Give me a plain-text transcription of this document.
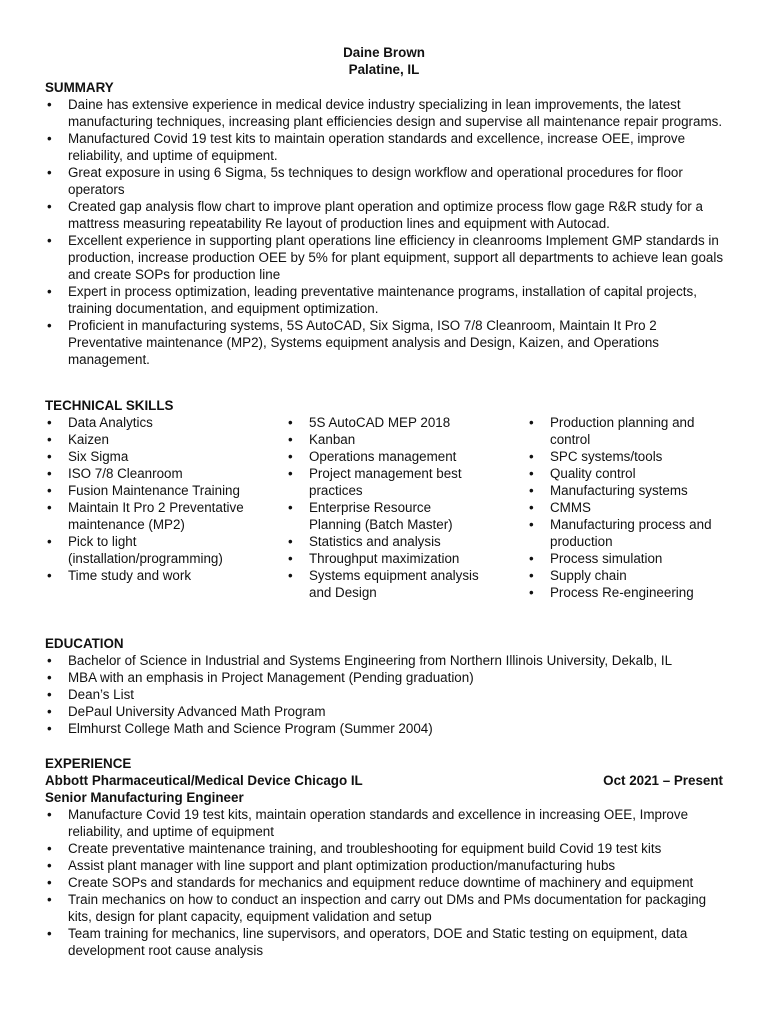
Daine Brown
Palatine, IL
SUMMARY
• Daine has extensive experience in medical device industry specializing in lean improvements, the latest manufacturing techniques, increasing plant efficiencies design and supervise all maintenance repair programs.
• Manufactured Covid 19 test kits to maintain operation standards and excellence, increase OEE, improve reliability, and uptime of equipment.
• Great exposure in using 6 Sigma, 5s techniques to design workflow and operational procedures for floor operators
• Created gap analysis flow chart to improve plant operation and optimize process flow gage R&R study for a mattress measuring repeatability Re layout of production lines and equipment with Autocad.
• Excellent experience in supporting plant operations line efficiency in cleanrooms Implement GMP standards in production, increase production OEE by 5% for plant equipment, support all departments to achieve lean goals and create SOPs for production line
• Expert in process optimization, leading preventative maintenance programs, installation of capital projects, training documentation, and equipment optimization.
• Proficient in manufacturing systems, 5S AutoCAD, Six Sigma, ISO 7/8 Cleanroom, Maintain It Pro 2 Preventative maintenance (MP2), Systems equipment analysis and Design, Kaizen, and Operations management.
TECHNICAL SKILLS
• Data Analytics
• Kaizen
• Six Sigma
• ISO 7/8 Cleanroom
• Fusion Maintenance Training
• Maintain It Pro 2 Preventative maintenance (MP2)
• Pick to light (installation/programming)
• Time study and work
• 5S AutoCAD MEP 2018
• Kanban
• Operations management
• Project management best practices
• Enterprise Resource Planning (Batch Master)
• Statistics and analysis
• Throughput maximization
• Systems equipment analysis and Design
• Production planning and control
• SPC systems/tools
• Quality control
• Manufacturing systems
• CMMS
• Manufacturing process and production
• Process simulation
• Supply chain
• Process Re-engineering
EDUCATION
• Bachelor of Science in Industrial and Systems Engineering from Northern Illinois University, Dekalb, IL
• MBA with an emphasis in Project Management (Pending graduation)
• Dean’s List
• DePaul University Advanced Math Program
• Elmhurst College Math and Science Program (Summer 2004)
EXPERIENCE
Abbott Pharmaceutical/Medical Device Chicago IL	Oct 2021 – Present
Senior Manufacturing Engineer
• Manufacture Covid 19 test kits, maintain operation standards and excellence in increasing OEE, Improve reliability, and uptime of equipment
• Create preventative maintenance training, and troubleshooting for equipment build Covid 19 test kits
• Assist plant manager with line support and plant optimization production/manufacturing hubs
• Create SOPs and standards for mechanics and equipment reduce downtime of machinery and equipment
• Train mechanics on how to conduct an inspection and carry out DMs and PMs documentation for packaging kits, design for plant capacity, equipment validation and setup
• Team training for mechanics, line supervisors, and operators, DOE and Static testing on equipment, data development root cause analysis
